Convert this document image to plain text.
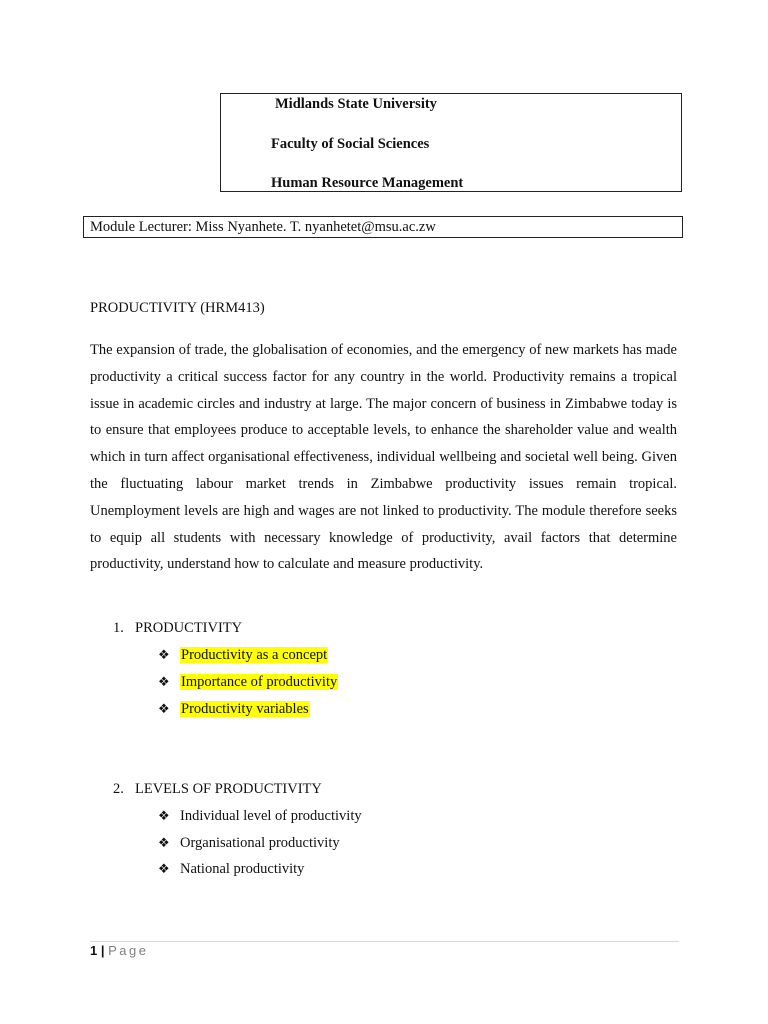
Midlands State University
Faculty of Social Sciences
Human Resource Management
Module Lecturer: Miss Nyanhete. T. nyanhetet@msu.ac.zw
PRODUCTIVITY (HRM413)

The expansion of trade, the globalisation of economies, and the emergency of new markets has made productivity a critical success factor for any country in the world. Productivity remains a tropical issue in academic circles and industry at large. The major concern of business in Zimbabwe today is to ensure that employees produce to acceptable levels, to enhance the shareholder value and wealth which in turn affect organisational effectiveness, individual wellbeing and societal well being. Given the fluctuating labour market trends in Zimbabwe productivity issues remain tropical. Unemployment levels are high and wages are not linked to productivity. The module therefore seeks to equip all students with necessary knowledge of productivity, avail factors that determine productivity, understand how to calculate and measure productivity.

1. PRODUCTIVITY
❖ Productivity as a concept
❖ Importance of productivity
❖ Productivity variables
2. LEVELS OF PRODUCTIVITY
❖ Individual level of productivity
❖ Organisational productivity
❖ National productivity
1 | Page
